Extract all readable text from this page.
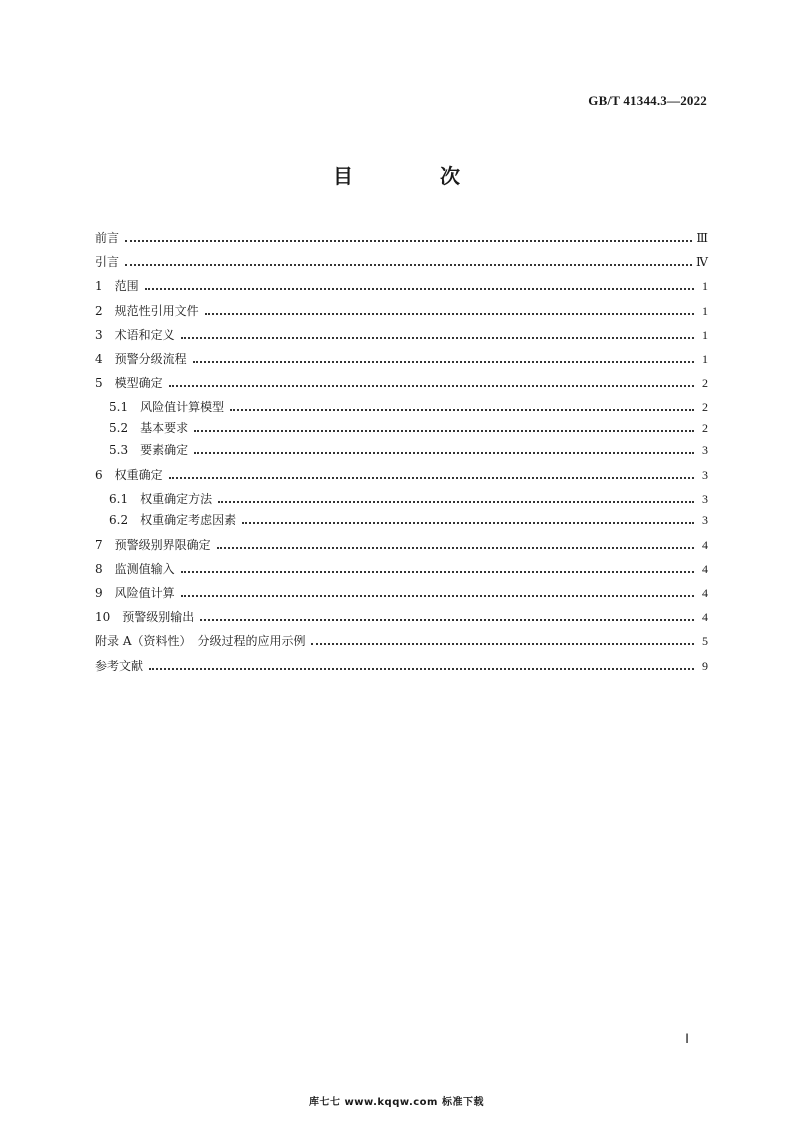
GB/T 41344.3—2022
目 次
前言	Ⅲ
引言	Ⅳ
1　范围	1
2　规范性引用文件	1
3　术语和定义	1
4　预警分级流程	1
5　模型确定	2
5.1　风险值计算模型	2
5.2　基本要求	2
5.3　要素确定	3
6　权重确定	3
6.1　权重确定方法	3
6.2　权重确定考虑因素	3
7　预警级别界限确定	4
8　监测值输入	4
9　风险值计算	4
10　预警级别输出	4
附录 A（资料性）　分级过程的应用示例	5
参考文献	9
Ⅰ
库七七 www.kqqw.com 标准下载
